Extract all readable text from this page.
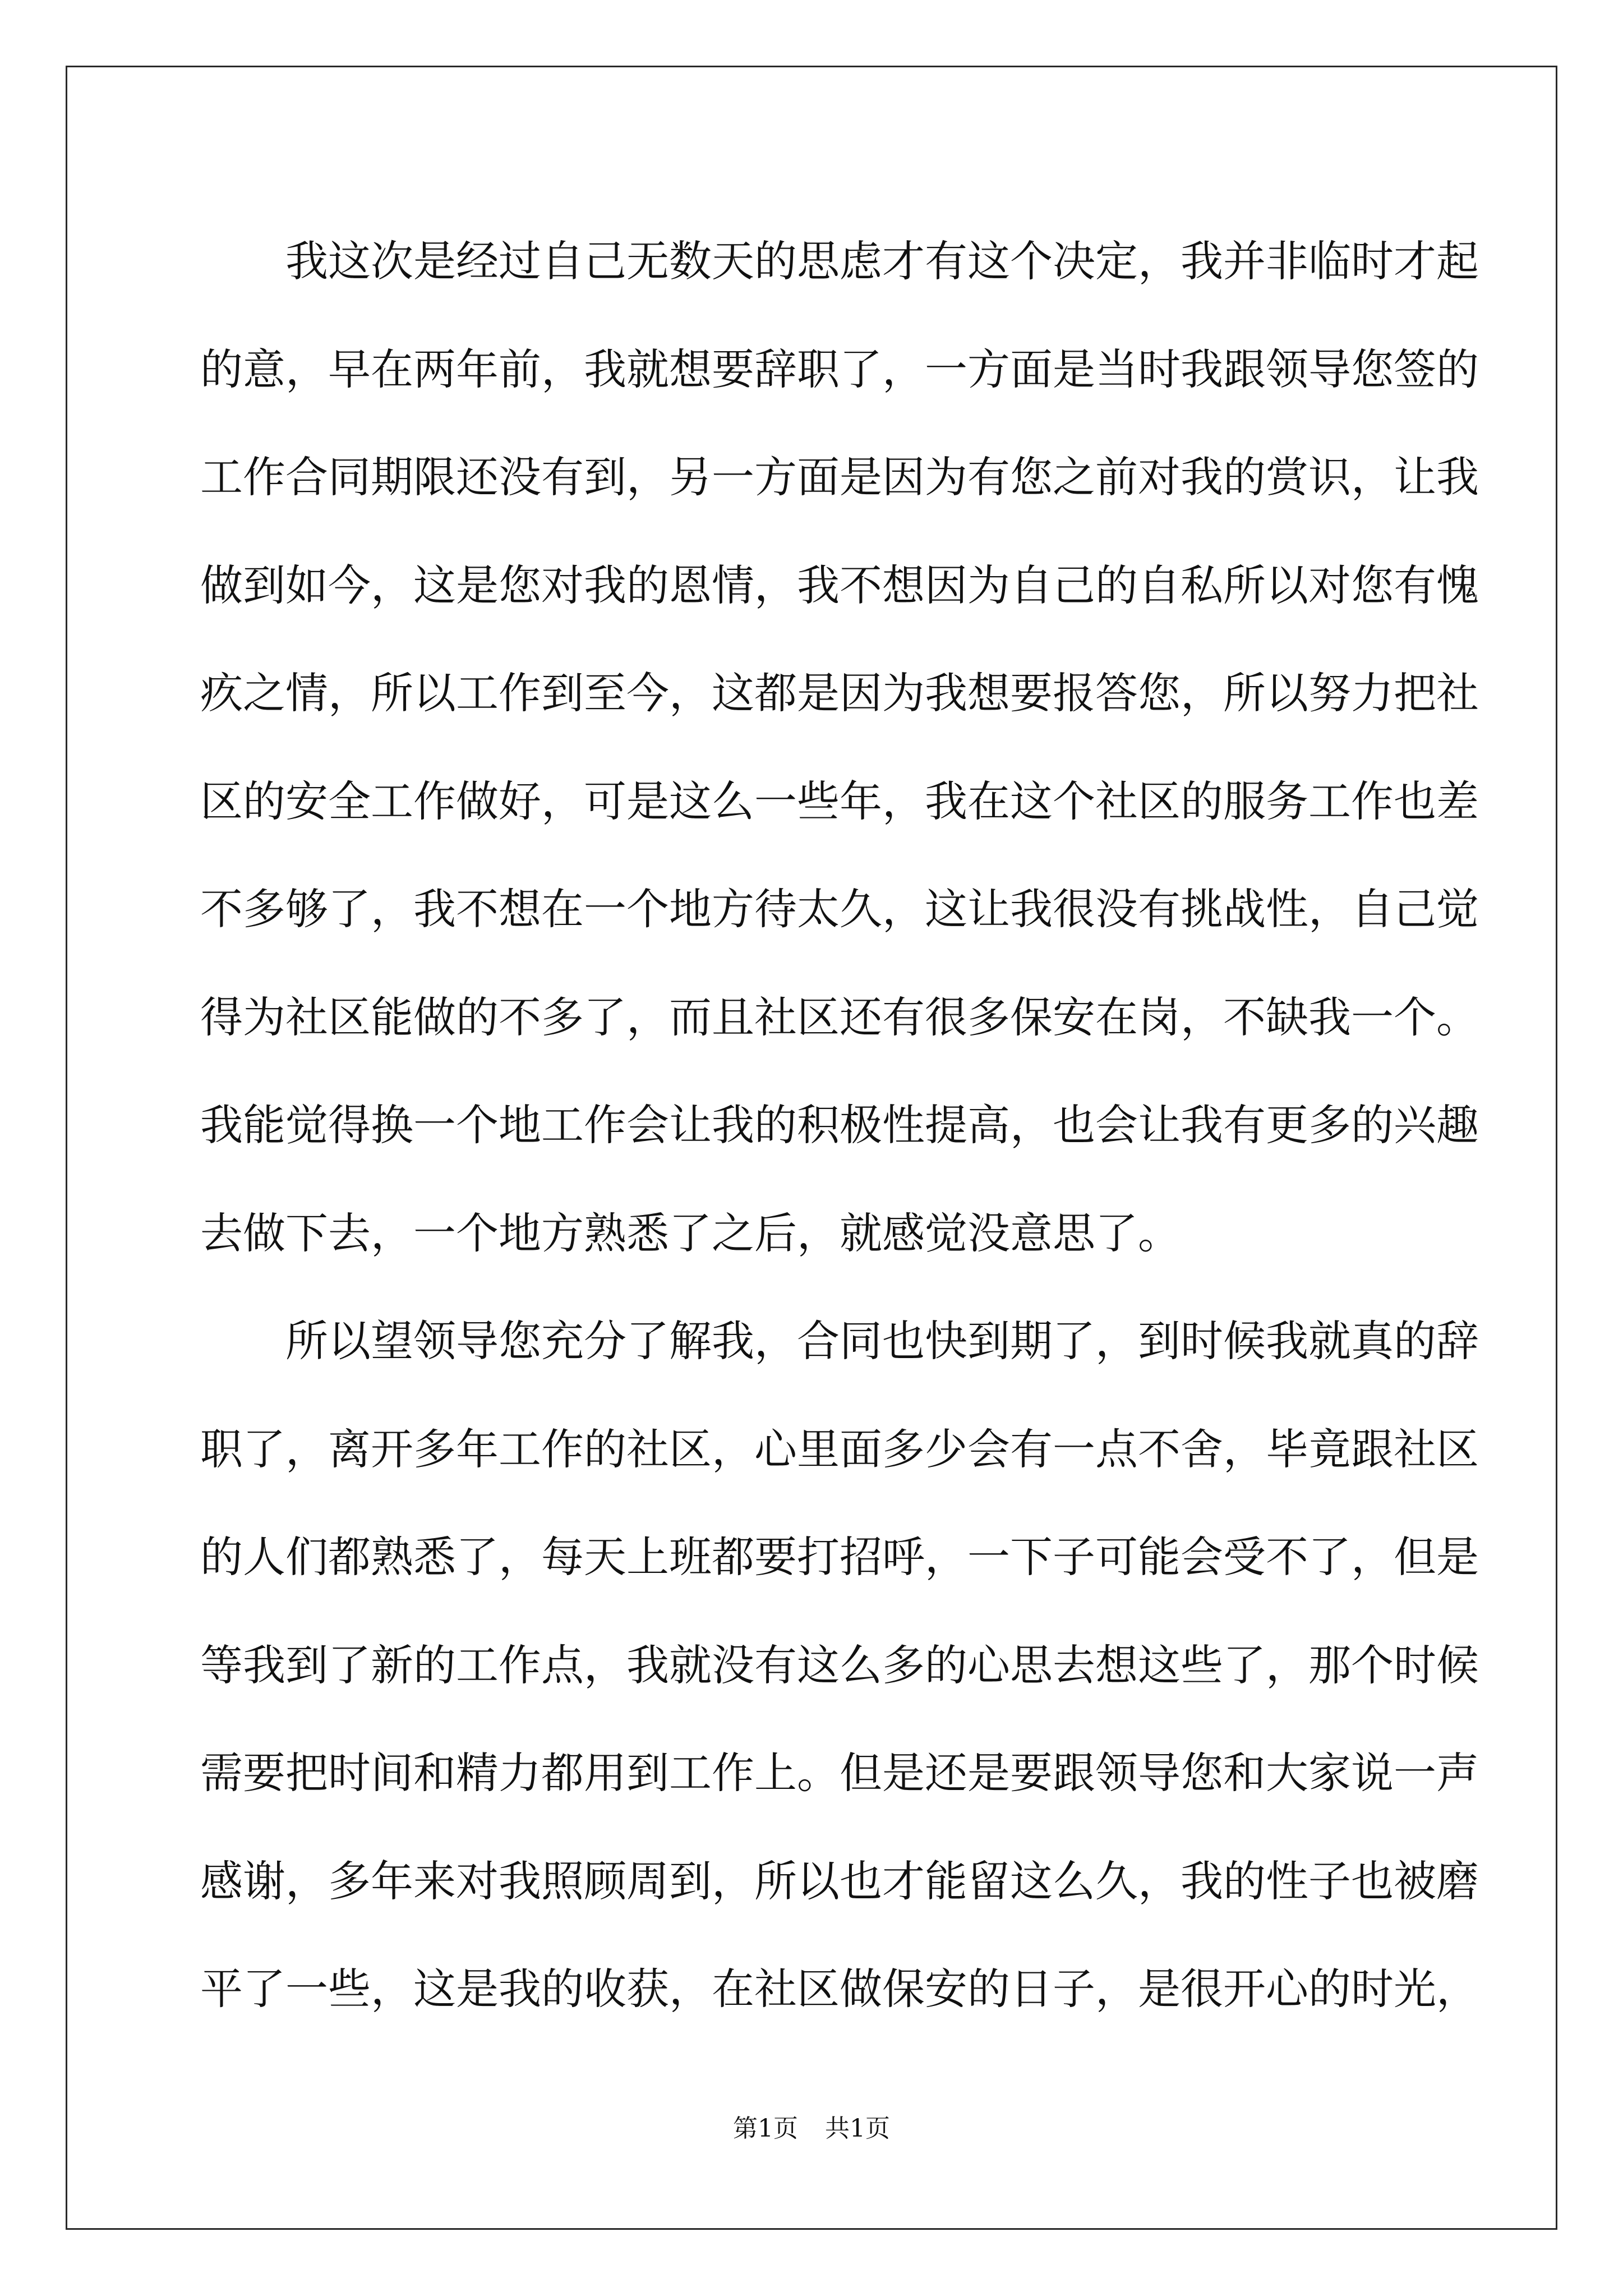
我这次是经过自己无数天的思虑才有这个决定，我并非临时才起
的意，早在两年前，我就想要辞职了，一方面是当时我跟领导您签的
工作合同期限还没有到，另一方面是因为有您之前对我的赏识，让我
做到如今，这是您对我的恩情，我不想因为自己的自私所以对您有愧
疚之情，所以工作到至今，这都是因为我想要报答您，所以努力把社
区的安全工作做好，可是这么一些年，我在这个社区的服务工作也差
不多够了，我不想在一个地方待太久，这让我很没有挑战性，自己觉
得为社区能做的不多了，而且社区还有很多保安在岗，不缺我一个。
我能觉得换一个地工作会让我的积极性提高，也会让我有更多的兴趣
去做下去，一个地方熟悉了之后，就感觉没意思了。
所以望领导您充分了解我，合同也快到期了，到时候我就真的辞
职了，离开多年工作的社区，心里面多少会有一点不舍，毕竟跟社区
的人们都熟悉了，每天上班都要打招呼，一下子可能会受不了，但是
等我到了新的工作点，我就没有这么多的心思去想这些了，那个时候
需要把时间和精力都用到工作上。但是还是要跟领导您和大家说一声
感谢，多年来对我照顾周到，所以也才能留这么久，我的性子也被磨
平了一些，这是我的收获，在社区做保安的日子，是很开心的时光，
第1页 共1页
